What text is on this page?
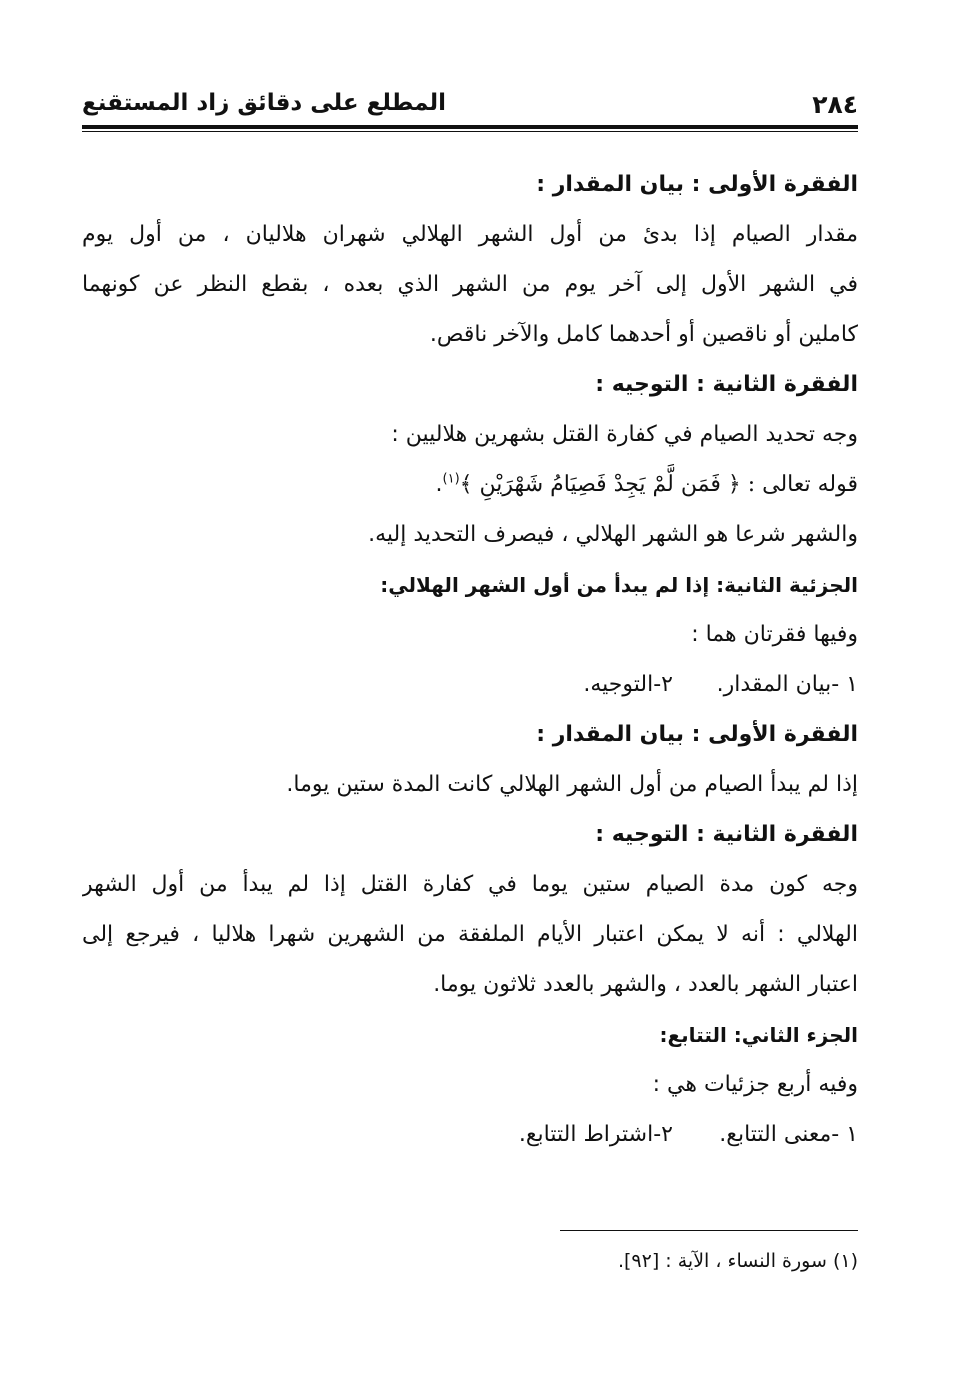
٢٨٤
المطلع على دقائق زاد المستقنع
الفقرة الأولى : بيان المقدار :
مقدار الصيام إذا بدئ من أول الشهر الهلالي شهران هلاليان ، من أول يوم
في الشهر الأول إلى آخر يوم من الشهر الذي بعده ، بقطع النظر عن كونهما
كاملين أو ناقصين أو أحدهما كامل والآخر ناقص.
الفقرة الثانية : التوجيه :
وجه تحديد الصيام في كفارة القتل بشهرين هلاليين :
قوله تعالى : ﴿ فَمَن لَّمْ يَجِدْ فَصِيَامُ شَهْرَيْنِ ﴾$^{(١)}$.
والشهر شرعا هو الشهر الهلالي ، فيصرف التحديد إليه.
الجزئية الثانية: إذا لم يبدأ من أول الشهر الهلالي:
وفيها فقرتان هما :
١ -بيان المقدار.
٢-التوجيه.
الفقرة الأولى : بيان المقدار :
إذا لم يبدأ الصيام من أول الشهر الهلالي كانت المدة ستين يوما.
الفقرة الثانية : التوجيه :
وجه كون مدة الصيام ستين يوما في كفارة القتل إذا لم يبدأ من أول الشهر
الهلالي : أنه لا يمكن اعتبار الأيام الملفقة من الشهرين شهرا هلاليا ، فيرجع إلى
اعتبار الشهر بالعدد ، والشهر بالعدد ثلاثون يوما.
الجزء الثاني: التتابع:
وفيه أربع جزئيات هي :
١ -معنى التتابع.
٢-اشتراط التتابع.
(١) سورة النساء ، الآية : [٩٢].
